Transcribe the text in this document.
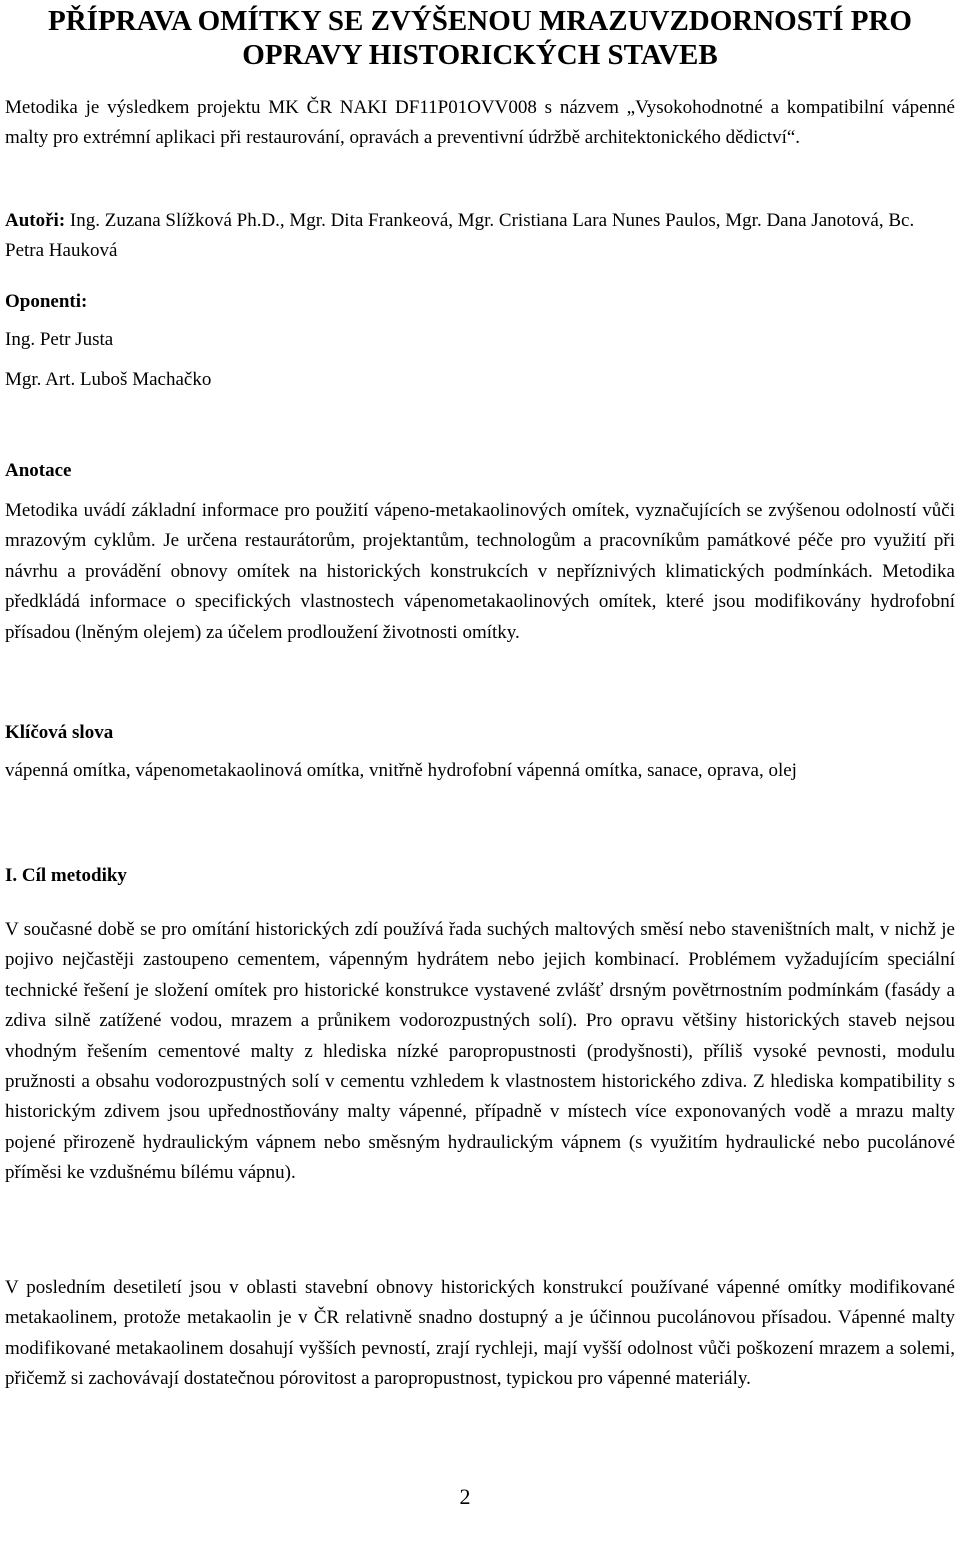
PŘÍPRAVA OMÍTKY SE ZVÝŠENOU MRAZUVZDORNOSTÍ PRO
OPRAVY HISTORICKÝCH STAVEB

Metodika je výsledkem projektu MK ČR NAKI DF11P01OVV008 s názvem „Vysokohodnotné a kompatibilní vápenné malty pro extrémní aplikaci při restaurování, opravách a preventivní údržbě architektonického dědictví“.

Autoři: Ing. Zuzana Slížková Ph.D., Mgr. Dita Frankeová, Mgr. Cristiana Lara Nunes Paulos, Mgr. Dana Janotová, Bc. Petra Hauková

Oponenti:
Ing. Petr Justa
Mgr. Art. Luboš Machačko
Anotace

Metodika uvádí základní informace pro použití vápeno-metakaolinových omítek, vyznačujících se zvýšenou odolností vůči mrazovým cyklům. Je určena restaurátorům, projektantům, technologům a pracovníkům památkové péče pro využití při návrhu a provádění obnovy omítek na historických konstrukcích v nepříznivých klimatických podmínkách. Metodika předkládá informace o specifických vlastnostech vápenometakaolinových omítek, které jsou modifikovány hydrofobní přísadou (lněným olejem) za účelem prodloužení životnosti omítky.

Klíčová slova

vápenná omítka, vápenometakaolinová omítka, vnitřně hydrofobní vápenná omítka, sanace, oprava, olej

I. Cíl metodiky

V současné době se pro omítání historických zdí používá řada suchých maltových směsí nebo staveništních malt, v nichž je pojivo nejčastěji zastoupeno cementem, vápenným hydrátem nebo jejich kombinací. Problémem vyžadujícím speciální technické řešení je složení omítek pro historické konstrukce vystavené zvlášť drsným povětrnostním podmínkám (fasády a zdiva silně zatížené vodou, mrazem a průnikem vodorozpustných solí). Pro opravu většiny historických staveb nejsou vhodným řešením cementové malty z hlediska nízké paropropustnosti (prodyšnosti), příliš vysoké pevnosti, modulu pružnosti a obsahu vodorozpustných solí v cementu vzhledem k vlastnostem historického zdiva. Z hlediska kompatibility s historickým zdivem jsou upřednostňovány malty vápenné, případně v místech více exponovaných vodě a mrazu malty pojené přirozeně hydraulickým vápnem nebo směsným hydraulickým vápnem (s využitím hydraulické nebo pucolánové příměsi ke vzdušnému bílému vápnu).

V posledním desetiletí jsou v oblasti stavební obnovy historických konstrukcí používané vápenné omítky modifikované metakaolinem, protože metakaolin je v ČR relativně snadno dostupný a je účinnou pucolánovou přísadou. Vápenné malty modifikované metakaolinem dosahují vyšších pevností, zrají rychleji, mají vyšší odolnost vůči poškození mrazem a solemi, přičemž si zachovávají dostatečnou pórovitost a paropropustnost, typickou pro vápenné materiály.

2
